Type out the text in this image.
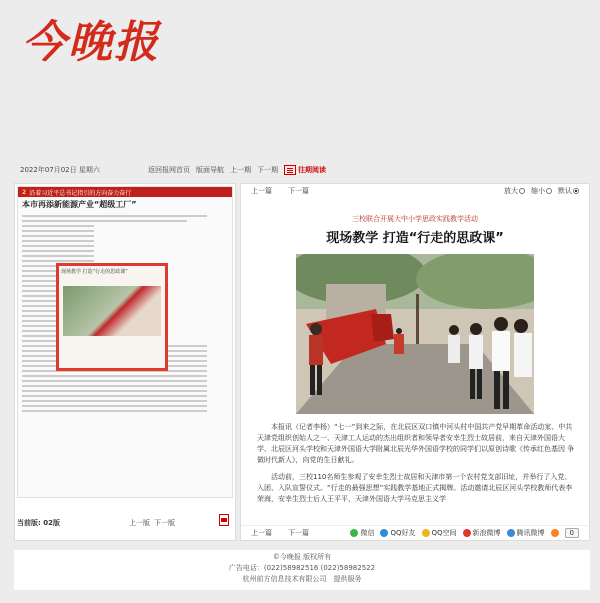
今晚报
2022年07月02日 星期六	返回报网首页 版面导航 上一期 下一期	往期阅读
2 沿着习近平总书记指引的方向奋力奋行
本市再添新能源产业“超级工厂”
现场教学 打造“行走的思政课”
当前版: 02版	上一版 下一版
上一篇 下一篇	放大	缩小	默认
三校联合开展大中小学思政实践教学活动
现场教学 打造“行走的思政课”

本报讯（记者李杨）“七一”到来之际，在北辰区双口镇中河头村中国共产党早期革命活动家、中共天津党组织创始人之一、天津工人运动的杰出组织者和领导者安幸生烈士故居前，来自天津外国语大学、北辰区河头学校和天津外国语大学附属北辰光华外国语学校的同学们以原创诗歌《传承红色基因 争做时代新人》，向党的生日献礼。

活动前，三校110名师生参观了安幸生烈士故居和天津市第一个农村党支部旧址，并举行了入党、入团、入队宣誓仪式。“行走的最强思想”实践教学基地正式揭牌。活动邀请北辰区河头学校教师代表李荣海，安幸生烈士后人王平平，天津外国语大学马克思主义学

上一篇 下一篇	微信 QQ好友 QQ空间 新浪微博 腾讯微博	0
©今晚报 版权所有
广告电话：(022)58982516 (022)58982522
杭州前方信息技术有限公司　提供服务
